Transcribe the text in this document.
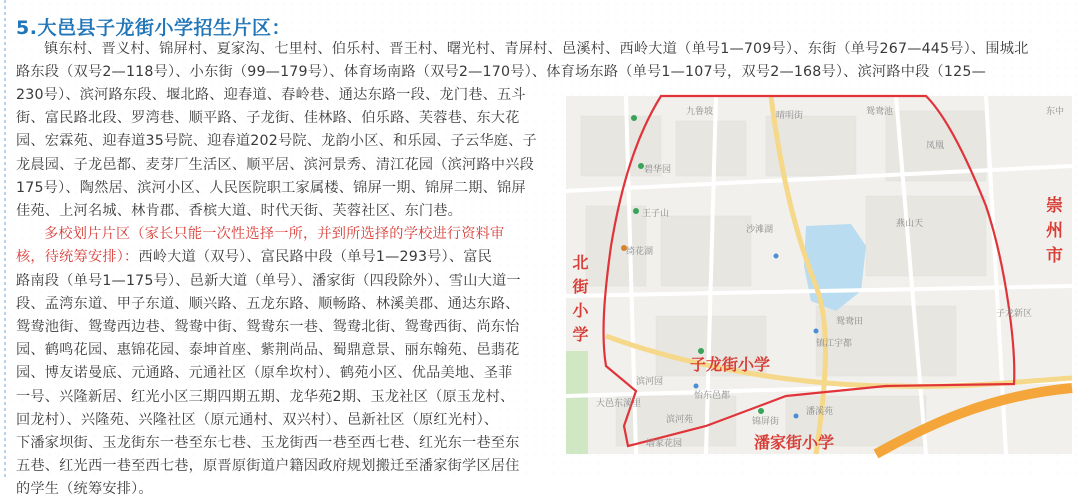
5.大邑县子龙街小学招生片区：
镇东村、晋义村、锦屏村、夏家沟、七里村、伯乐村、晋王村、曙光村、青屏村、邑溪村、西岭大道（单号1—709号）、东街（单号267—445号）、围城北
路东段（双号2—118号）、小东街（99—179号）、体育场南路（双号2—170号）、体育场东路（单号1—107号，双号2—168号）、滨河路中段（125—
230号）、滨河路东段、堰北路、迎春道、春岭巷、通达东路一段、龙门巷、五斗
街、富民路北段、罗湾巷、顺平路、子龙街、佳林路、伯乐路、芙蓉巷、东大花
园、宏霖苑、迎春道35号院、迎春道202号院、龙韵小区、和乐园、子云华庭、子
龙晨园、子龙邑都、麦芽厂生活区、顺平居、滨河景秀、清江花园（滨河路中兴段
175号）、陶然居、滨河小区、人民医院职工家属楼、锦屏一期、锦屏二期、锦屏
佳苑、上河名城、林肯郡、香槟大道、时代天街、芙蓉社区、东门巷。
多校划片片区（家长只能一次性选择一所，并到所选择的学校进行资料审
核，待统筹安排）：西岭大道（双号）、富民路中段（单号1—293号）、富民
路南段（单号1—175号）、邑新大道（单号）、潘家街（四段除外）、雪山大道一
段、孟湾东道、甲子东道、顺兴路、五龙东路、顺畅路、林溪美郡、通达东路、
鸳鸯池街、鸳鸯西边巷、鸳鸯中街、鸳鸯东一巷、鸳鸯北街、鸳鸯西街、尚东怡
园、鹤鸣花园、惠锦花园、泰坤首座、紫荆尚品、蜀鼎意景、丽东翰苑、邑翡花
园、博友诺曼底、元通路、元通社区（原牟坎村）、鹤苑小区、优品美地、圣菲
一号、兴隆新居、红光小区三期四期五期、龙华苑2期、玉龙社区（原玉龙村、
回龙村）、兴隆苑、兴隆社区（原元通村、双兴村）、邑新社区（原红光村）、
下潘家坝街、玉龙街东一巷至东七巷、玉龙街西一巷至西七巷、红光东一巷至东
五巷、红光西一巷至西七巷，原晋原街道户籍因政府规划搬迁至潘家街学区居住
的学生（统筹安排）。
北街小学
崇州市
子龙街小学
潘家街小学
九鲁坡	晴明街	鸳鸯池	东中
碧华园
王子山
绮花湖
沙滩湖
燕山天
凤凰
鸳鸯田
滨河园
怡东邑都
大邑东溪里
镇江宇都
滨河苑	锦屏街
潘溪苑
子龙新区
墙家花园
